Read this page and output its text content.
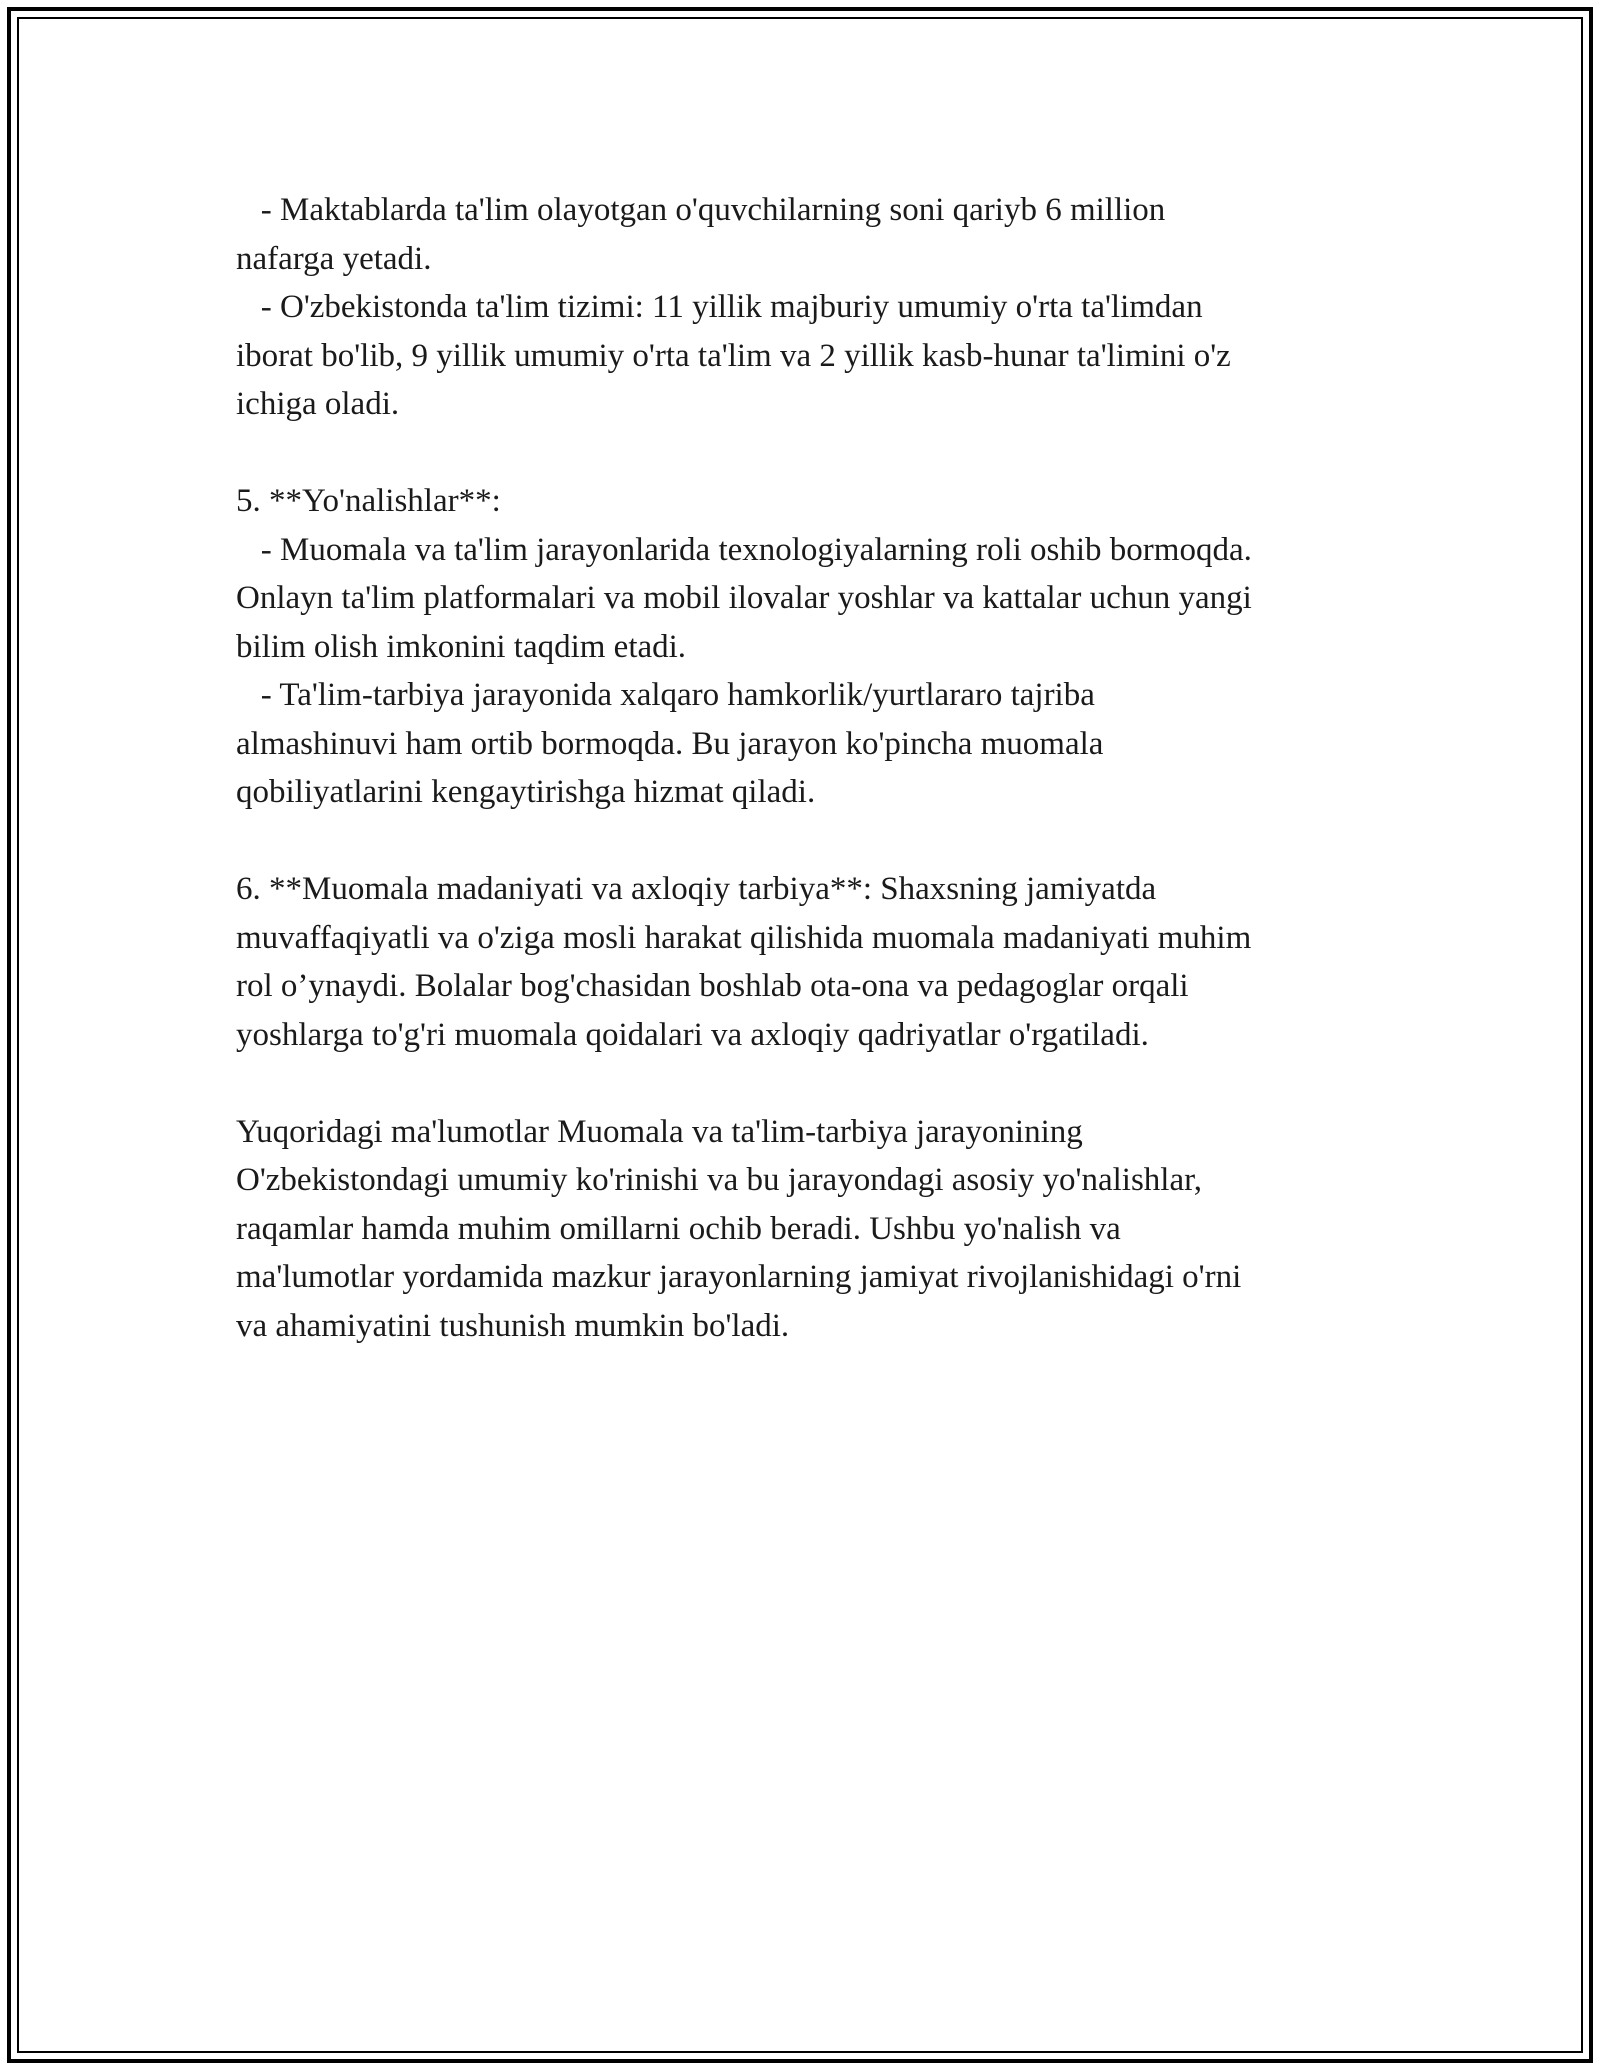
- Maktablarda ta'lim olayotgan o'quvchilarning soni qariyb 6 million
nafarga yetadi.

- O'zbekistonda ta'lim tizimi: 11 yillik majburiy umumiy o'rta ta'limdan
iborat bo'lib, 9 yillik umumiy o'rta ta'lim va 2 yillik kasb-hunar ta'limini o'z
ichiga oladi.

5. **Yo'nalishlar**:

- Muomala va ta'lim jarayonlarida texnologiyalarning roli oshib bormoqda.
Onlayn ta'lim platformalari va mobil ilovalar yoshlar va kattalar uchun yangi
bilim olish imkonini taqdim etadi.

- Ta'lim-tarbiya jarayonida xalqaro hamkorlik/yurtlararo tajriba
almashinuvi ham ortib bormoqda. Bu jarayon ko'pincha muomala
qobiliyatlarini kengaytirishga hizmat qiladi.

6. **Muomala madaniyati va axloqiy tarbiya**: Shaxsning jamiyatda
muvaffaqiyatli va o'ziga mosli harakat qilishida muomala madaniyati muhim
rol o’ynaydi. Bolalar bog'chasidan boshlab ota-ona va pedagoglar orqali
yoshlarga to'g'ri muomala qoidalari va axloqiy qadriyatlar o'rgatiladi.

Yuqoridagi ma'lumotlar Muomala va ta'lim-tarbiya jarayonining
O'zbekistondagi umumiy ko'rinishi va bu jarayondagi asosiy yo'nalishlar,
raqamlar hamda muhim omillarni ochib beradi. Ushbu yo'nalish va
ma'lumotlar yordamida mazkur jarayonlarning jamiyat rivojlanishidagi o'rni
va ahamiyatini tushunish mumkin bo'ladi.
